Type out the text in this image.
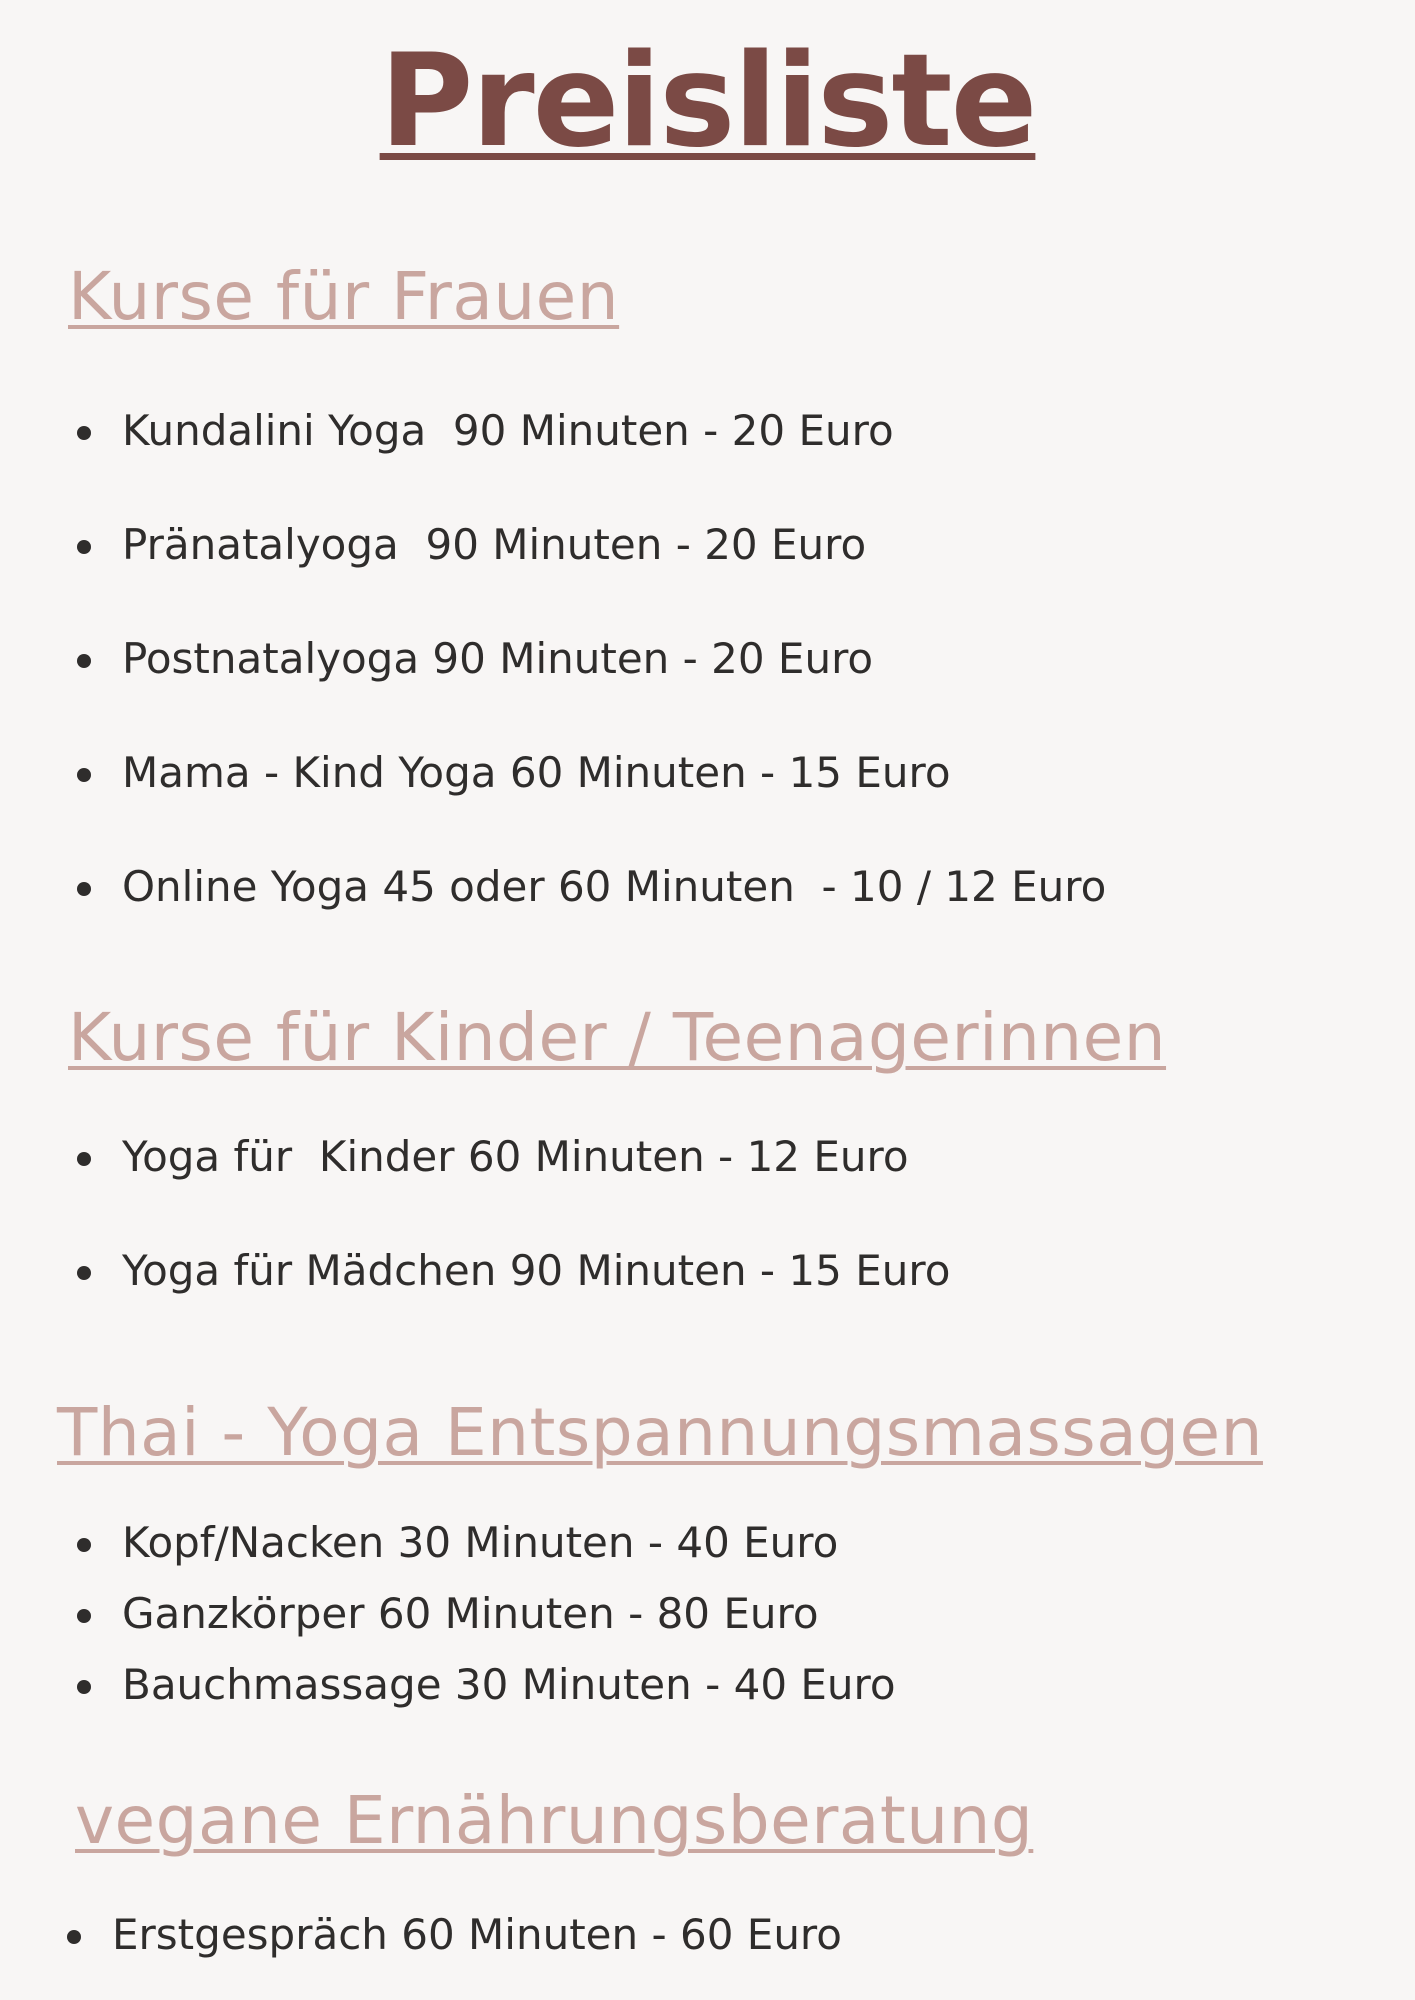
Preisliste
Kurse für Frauen
Kundalini Yoga  90 Minuten - 20 Euro
Pränatalyoga  90 Minuten - 20 Euro
Postnatalyoga 90 Minuten - 20 Euro
Mama - Kind Yoga 60 Minuten - 15 Euro
Online Yoga 45 oder 60 Minuten  - 10 / 12 Euro
Kurse für Kinder / Teenagerinnen
Yoga für  Kinder 60 Minuten - 12 Euro
Yoga für Mädchen 90 Minuten - 15 Euro
Thai - Yoga Entspannungsmassagen
Kopf/Nacken 30 Minuten - 40 Euro
Ganzkörper 60 Minuten - 80 Euro
Bauchmassage 30 Minuten - 40 Euro
vegane Ernährungsberatung
Erstgespräch 60 Minuten - 60 Euro
